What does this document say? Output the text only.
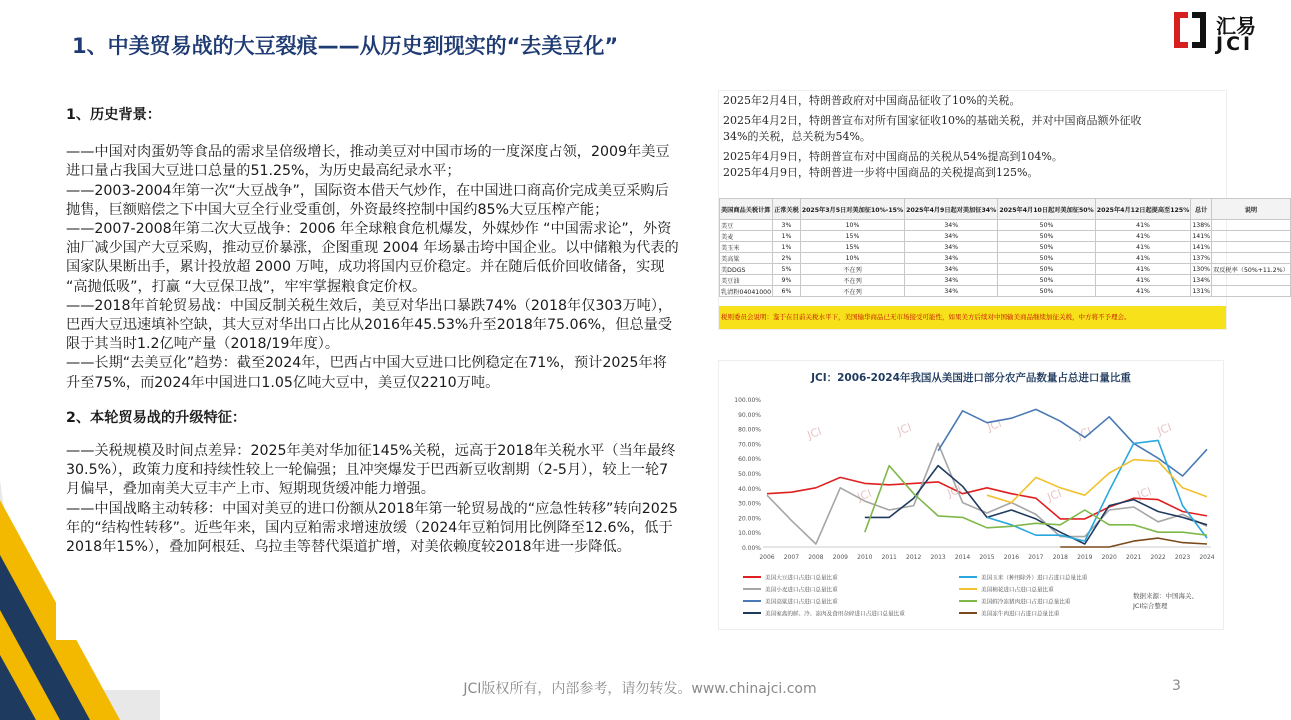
1、中美贸易战的大豆裂痕——从历史到现实的“去美豆化”
汇易
JCI
1、历史背景：

——中国对肉蛋奶等食品的需求呈倍级增长，推动美豆对中国市场的一度深度占领，2009年美豆进口量占我国大豆进口总量的51.25%，为历史最高纪录水平；

——2003-2004年第一次“大豆战争”，国际资本借天气炒作，在中国进口商高价完成美豆采购后抛售，巨额赔偿之下中国大豆全行业受重创，外资最终控制中国约85%大豆压榨产能；

——2007-2008年第二次大豆战争：2006 年全球粮食危机爆发，外媒炒作 “中国需求论”，外资油厂减少国产大豆采购，推动豆价暴涨，企图重现 2004 年场暴击垮中国企业。以中储粮为代表的国家队果断出手，累计投放超 2000 万吨，成功将国内豆价稳定。并在随后低价回收储备，实现 “高抛低吸”，打赢 “大豆保卫战”，牢牢掌握粮食定价权。

——2018年首轮贸易战：中国反制关税生效后，美豆对华出口暴跌74%（2018年仅303万吨），巴西大豆迅速填补空缺，其大豆对华出口占比从2016年45.53%升至2018年75.06%，但总量受限于其当时1.2亿吨产量（2018/19年度）。

——长期“去美豆化”趋势：截至2024年，巴西占中国大豆进口比例稳定在71%，预计2025年将升至75%，而2024年中国进口1.05亿吨大豆中，美豆仅2210万吨。

2、本轮贸易战的升级特征：

——关税规模及时间点差异：2025年美对华加征145%关税，远高于2018年关税水平（当年最终30.5%），政策力度和持续性较上一轮偏强；且冲突爆发于巴西新豆收割期（2-5月），较上一轮7月偏早，叠加南美大豆丰产上市、短期现货缓冲能力增强。

——中国战略主动转移：中国对美豆的进口份额从2018年第一轮贸易战的“应急性转移”转向2025年的“结构性转移”。近些年来，国内豆粕需求增速放缓（2024年豆粕饲用比例降至12.6%，低于2018年15%），叠加阿根廷、乌拉圭等替代渠道扩增，对美依赖度较2018年进一步降低。

2025年2月4日，特朗普政府对中国商品征收了10%的关税。
2025年4月2日，特朗普宣布对所有国家征收10%的基础关税，并对中国商品额外征收
34%的关税，总关税为54%。
2025年4月9日，特朗普宣布对中国商品的关税从54%提高到104%。
2025年4月9日，特朗普进一步将中国商品的关税提高到125%。
美国商品关税计算	正常关税	2025年3月5日对美加征10%-15%	2025年4月9日起对美加征34%	2025年4月10日起对美加征50%	2025年4月12日起提高至125%	总计	说明
美豆	3%	10%	34%	50%	41%	138%	
美麦	1%	15%	34%	50%	41%	141%	
美玉米	1%	15%	34%	50%	41%	141%	
美高粱	2%	10%	34%	50%	41%	137%	
美DDGS	5%	不在列	34%	50%	41%	130%	双反税率（50%+11.2%）
美豆油	9%	不在列	34%	50%	41%	134%	
乳清粉04041000	6%	不在列	34%	50%	41%	131%	
税则委员会说明：鉴于在目前关税水平下，美国输华商品已无市场接受可能性，如果美方后续对中国输美商品继续加征关税，中方将不予理会。
JCI：2006-2024年我国从美国进口部分农产品数量占总进口量比重
JCI	JCI	JCI	JCI	JCI
JCI	JCI	JCI	JCI
100.00%
90.00%
80.00%
70.00%
60.00%
50.00%
40.00%
30.00%
20.00%
10.00%
0.00%
2006 2007 2008 2009 2010 2011 2012 2013 2014 2015 2016 2017 2018 2019 2020 2021 2022 2023 2024
美国大豆进口占进口总量比重
美国小麦进口占进口总量比重
美国高粱进口占进口总量比重
美国家禽的鲜、冷、冻肉及食用杂碎进口占进口总量比重
美国玉米（种用除外）进口占进口总量比重
美国棉花进口占进口总量比重
美国鲜冷冻猪肉进口占进口总量比重
美国冻牛肉进口占进口总量比重
数据来源：中国海关、 JCI综合整理
JCI版权所有，内部参考，请勿转发。www.chinajci.com	3
